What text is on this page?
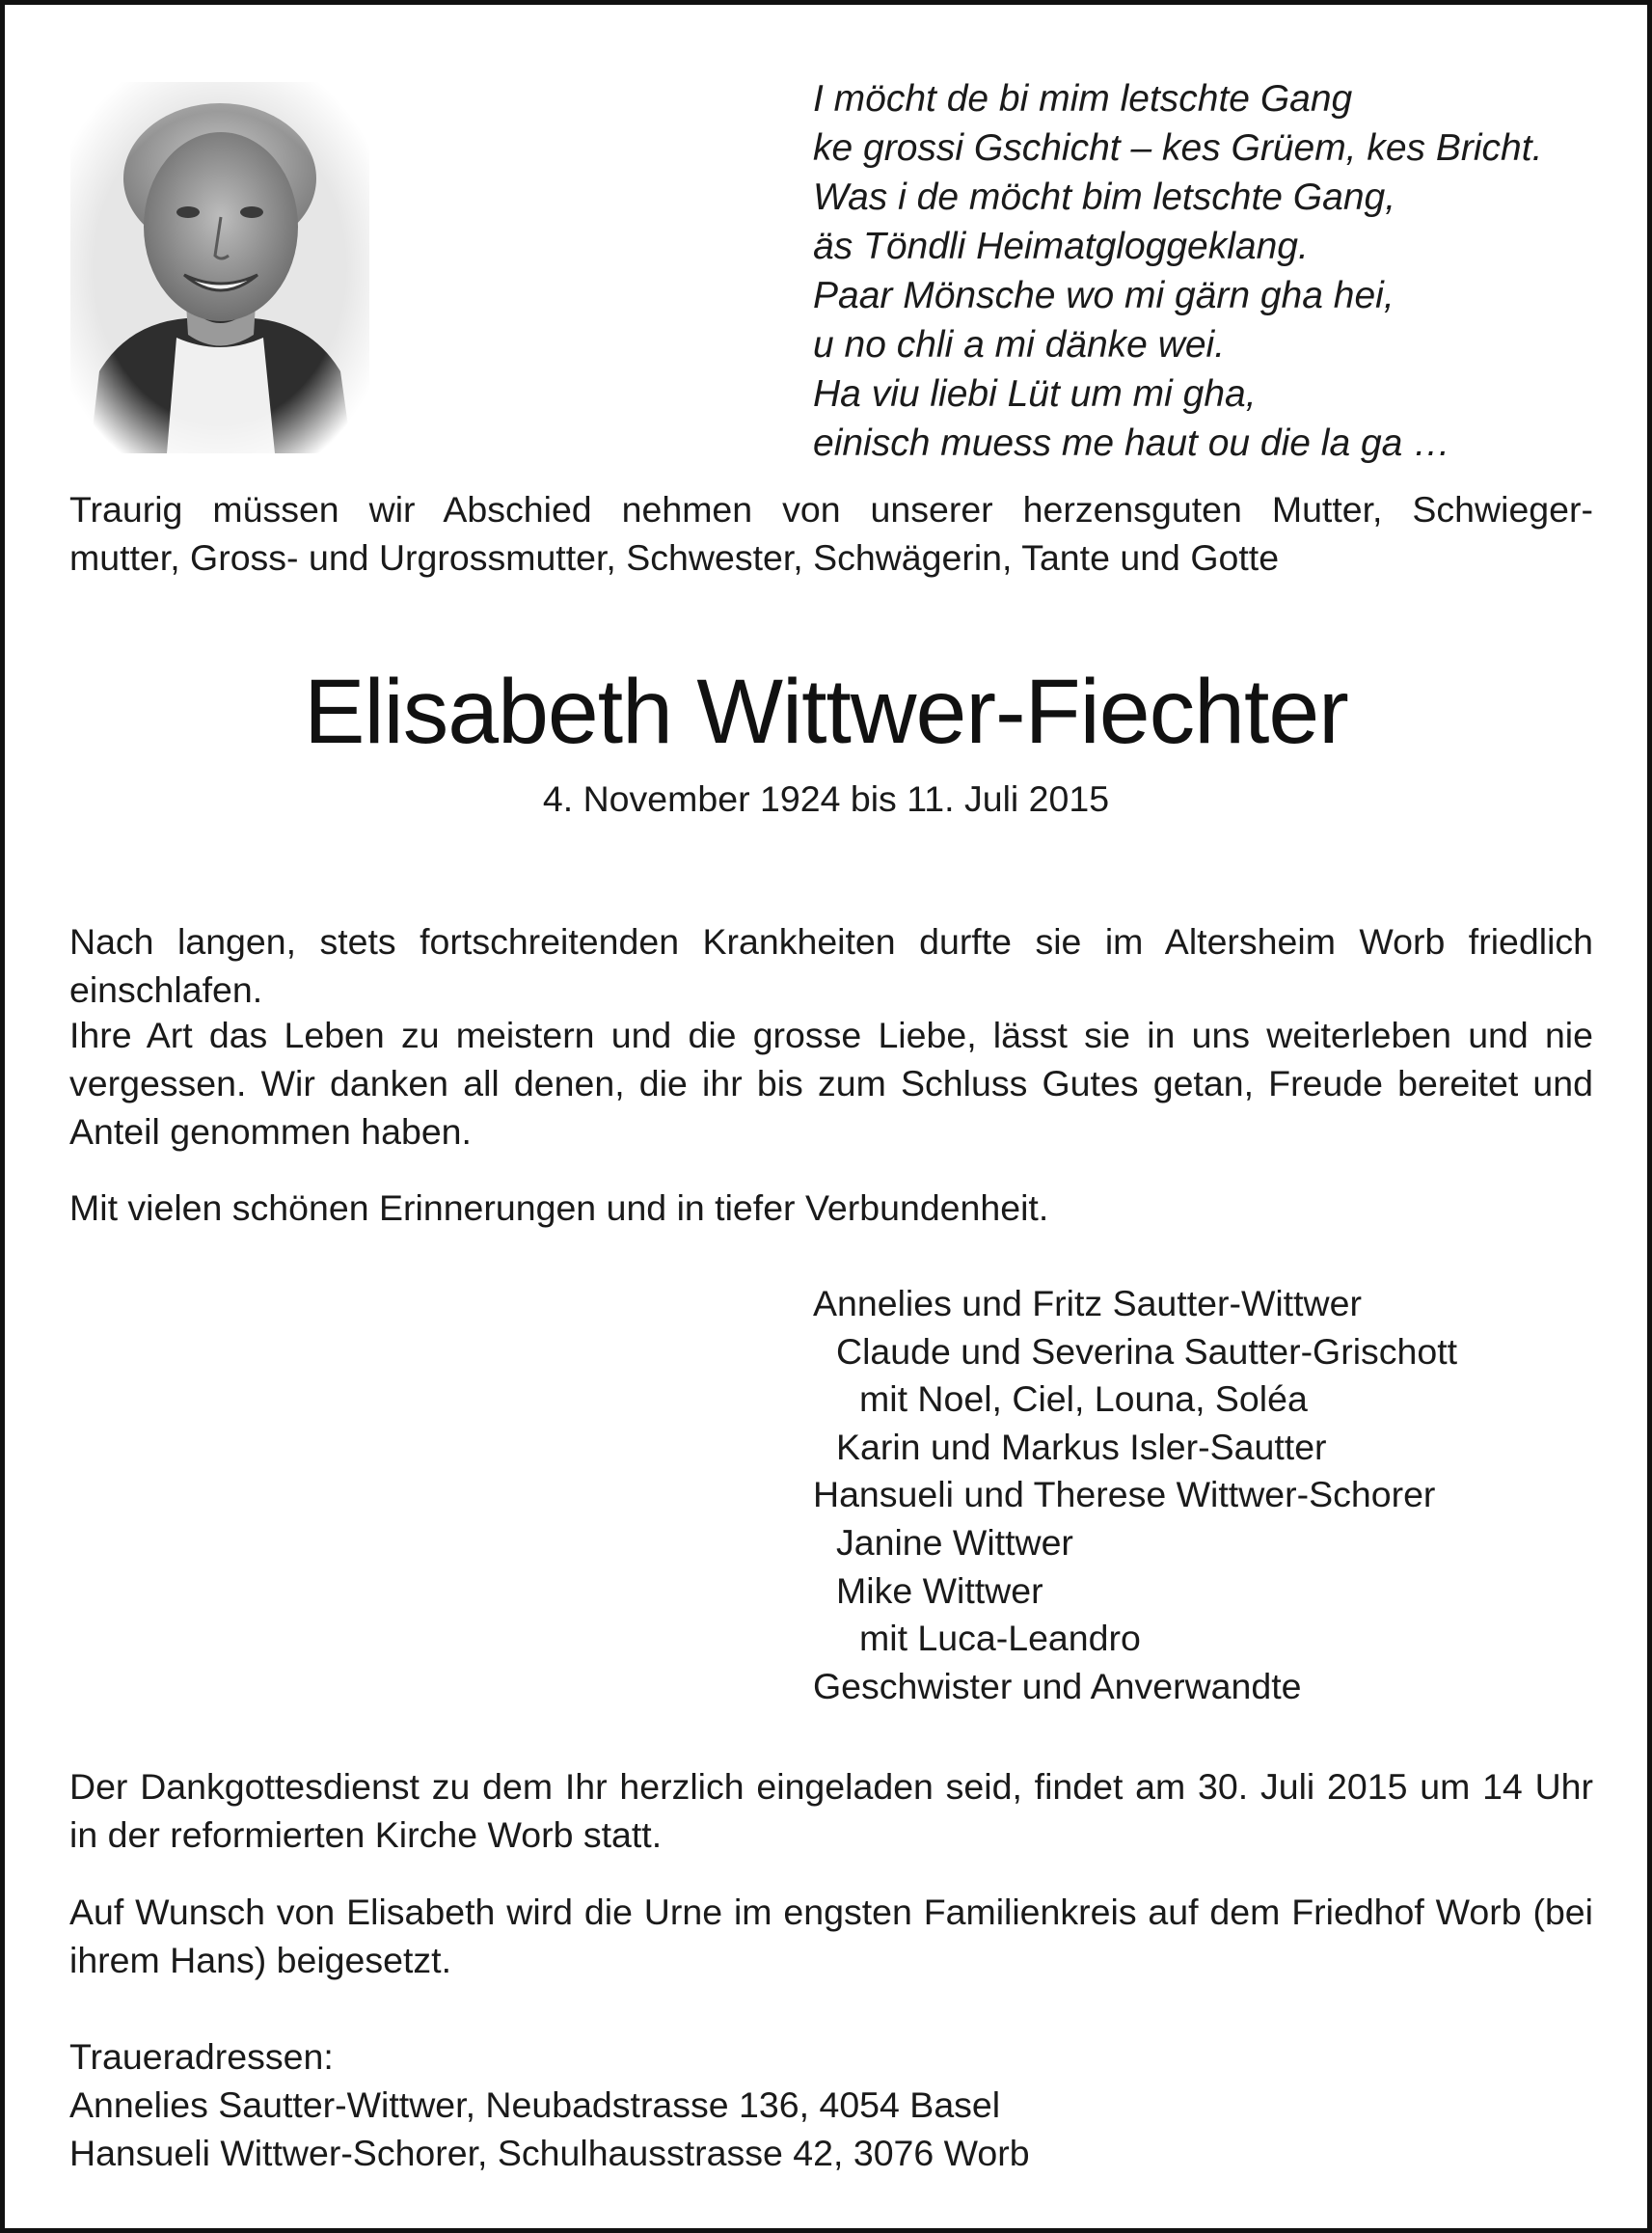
I möcht de bi mim letschte Gang
ke grossi Gschicht – kes Grüem, kes Bricht.
Was i de möcht bim letschte Gang,
äs Töndli Heimatgloggeklang.
Paar Mönsche wo mi gärn gha hei,
u no chli a mi dänke wei.
Ha viu liebi Lüt um mi gha,
einisch muess me haut ou die la ga …
Traurig müssen wir Abschied nehmen von unserer herzensguten Mutter, Schwieger-
mutter, Gross- und Urgrossmutter, Schwester, Schwägerin, Tante und Gotte
Elisabeth Wittwer-Fiechter
4. November 1924 bis 11. Juli 2015
Nach langen, stets fortschreitenden Krankheiten durfte sie im Altersheim Worb friedlich einschlafen.
Ihre Art das Leben zu meistern und die grosse Liebe, lässt sie in uns weiterleben und nie vergessen. Wir danken all denen, die ihr bis zum Schluss Gutes getan, Freude bereitet und Anteil genommen haben.
Mit vielen schönen Erinnerungen und in tiefer Verbundenheit.
Annelies und Fritz Sautter-Wittwer
Claude und Severina Sautter-Grischott
mit Noel, Ciel, Louna, Soléa
Karin und Markus Isler-Sautter
Hansueli und Therese Wittwer-Schorer
Janine Wittwer
Mike Wittwer
mit Luca-Leandro
Geschwister und Anverwandte
Der Dankgottesdienst zu dem Ihr herzlich eingeladen seid, findet am 30. Juli 2015 um 14 Uhr in der reformierten Kirche Worb statt.
Auf Wunsch von Elisabeth wird die Urne im engsten Familienkreis auf dem Friedhof Worb (bei ihrem Hans) beigesetzt.
Traueradressen:
Annelies Sautter-Wittwer, Neubadstrasse 136, 4054 Basel
Hansueli Wittwer-Schorer, Schulhausstrasse 42, 3076 Worb
